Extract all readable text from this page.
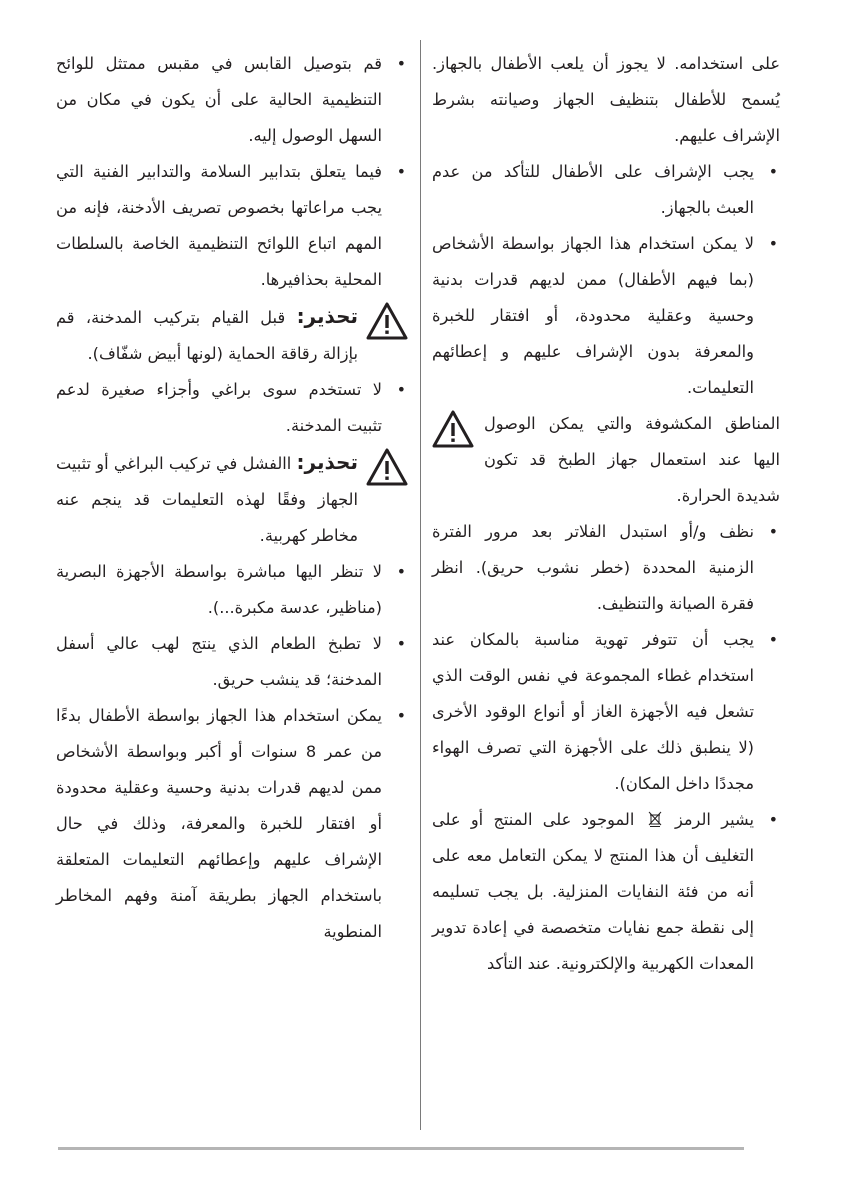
على استخدامه. لا يجوز أن يلعب الأطفال بالجهاز. يُسمح للأطفال بتنظيف الجهاز وصيانته بشرط الإشراف عليهم.

• يجب الإشراف على الأطفال للتأكد من عدم العبث بالجهاز.

• لا يمكن استخدام هذا الجهاز بواسطة الأشخاص (بما فيهم الأطفال) ممن لديهم قدرات بدنية وحسية وعقلية محدودة، أو افتقار للخبرة والمعرفة بدون الإشراف عليهم و إعطائهم التعليمات.

المناطق المكشوفة والتي يمكن الوصول اليها عند استعمال جهاز الطبخ قد تكون شديدة الحرارة.

• نظف و/أو استبدل الفلاتر بعد مرور الفترة الزمنية المحددة (خطر نشوب حريق). انظر فقرة الصيانة والتنظيف.

• يجب أن تتوفر تهوية مناسبة بالمكان عند استخدام غطاء المجموعة في نفس الوقت الذي تشعل فيه الأجهزة الغاز أو أنواع الوقود الأخرى (لا ينطبق ذلك على الأجهزة التي تصرف الهواء مجددًا داخل المكان).

• يشير الرمز  الموجود على المنتج أو على التغليف أن هذا المنتج لا يمكن التعامل معه على أنه من فئة النفايات المنزلية. بل يجب تسليمه إلى نقطة جمع نفايات متخصصة في إعادة تدوير المعدات الكهربية والإلكترونية. عند التأكد

• قم بتوصيل القابس في مقبس ممتثل للوائح التنظيمية الحالية على أن يكون في مكان من السهل الوصول إليه.

• فيما يتعلق بتدابير السلامة والتدابير الفنية التي يجب مراعاتها بخصوص تصريف الأدخنة، فإنه من المهم اتباع اللوائح التنظيمية الخاصة بالسلطات المحلية بحذافيرها.

تحذير: قبل القيام بتركيب المدخنة، قم بإزالة رقاقة الحماية (لونها أبيض شفّاف).

• لا تستخدم سوى براغي وأجزاء صغيرة لدعم تثبيت المدخنة.

تحذير: االفشل في تركيب البراغي أو تثبيت الجهاز وفقًا لهذه التعليمات قد ينجم عنه مخاطر كهربية.

• لا تنظر اليها مباشرة بواسطة الأجهزة البصرية (مناظير، عدسة مكبرة...).

• لا تطبخ الطعام الذي ينتج لهب عالي أسفل المدخنة؛ قد ينشب حريق.

• يمكن استخدام هذا الجهاز بواسطة الأطفال بدءًا من عمر 8 سنوات أو أكبر وبواسطة الأشخاص ممن لديهم قدرات بدنية وحسية وعقلية محدودة أو افتقار للخبرة والمعرفة، وذلك في حال الإشراف عليهم وإعطائهم التعليمات المتعلقة باستخدام الجهاز بطريقة آمنة وفهم المخاطر المنطوية
